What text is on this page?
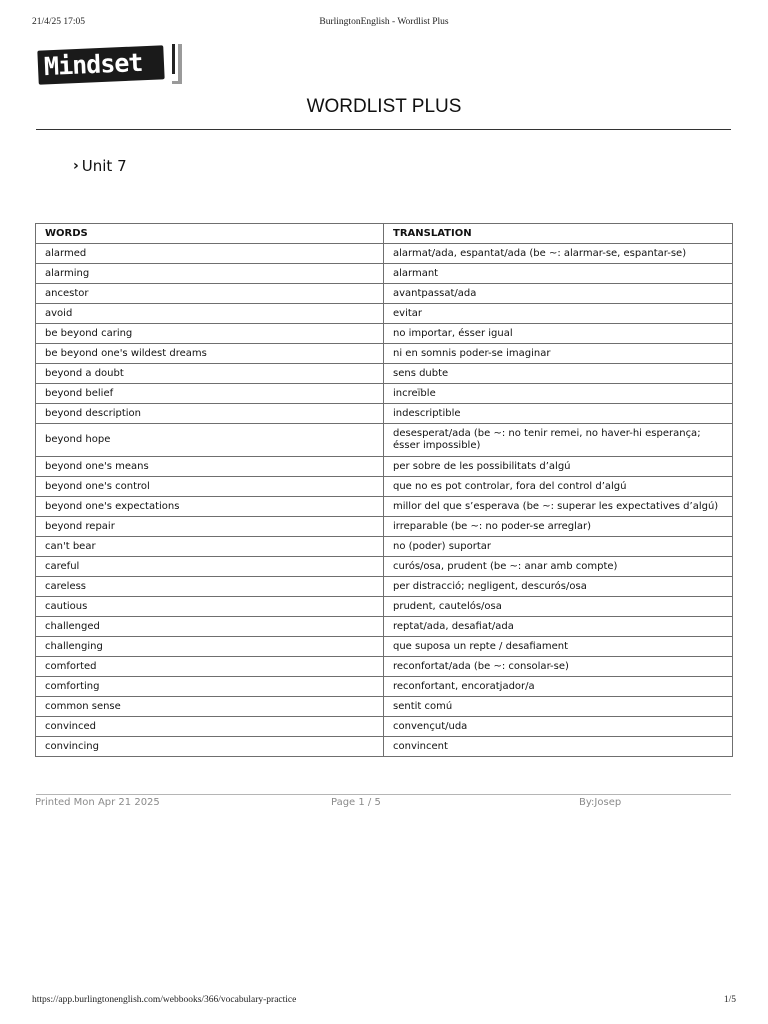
21/4/25 17:05	BurlingtonEnglish - Wordlist Plus
Mindset
WORDLIST PLUS
› Unit 7
WORDS	TRANSLATION
alarmed	alarmat/ada, espantat/ada (be ~: alarmar-se, espantar-se)
alarming	alarmant
ancestor	avantpassat/ada
avoid	evitar
be beyond caring	no importar, ésser igual
be beyond one's wildest dreams	ni en somnis poder-se imaginar
beyond a doubt	sens dubte
beyond belief	increïble
beyond description	indescriptible
beyond hope	desesperat/ada (be ~: no tenir remei, no haver-hi esperança; ésser impossible)
beyond one's means	per sobre de les possibilitats d’algú
beyond one's control	que no es pot controlar, fora del control d’algú
beyond one's expectations	millor del que s’esperava (be ~: superar les expectatives d’algú)
beyond repair	irreparable (be ~: no poder-se arreglar)
can't bear	no (poder) suportar
careful	curós/osa, prudent (be ~: anar amb compte)
careless	per distracció; negligent, descurós/osa
cautious	prudent, cautelós/osa
challenged	reptat/ada, desafiat/ada
challenging	que suposa un repte / desafiament
comforted	reconfortat/ada (be ~: consolar-se)
comforting	reconfortant, encoratjador/a
common sense	sentit comú
convinced	convençut/uda
convincing	convincent
Printed Mon Apr 21 2025	Page 1 / 5	By:Josep
https://app.burlingtonenglish.com/webbooks/366/vocabulary-practice	1/5
